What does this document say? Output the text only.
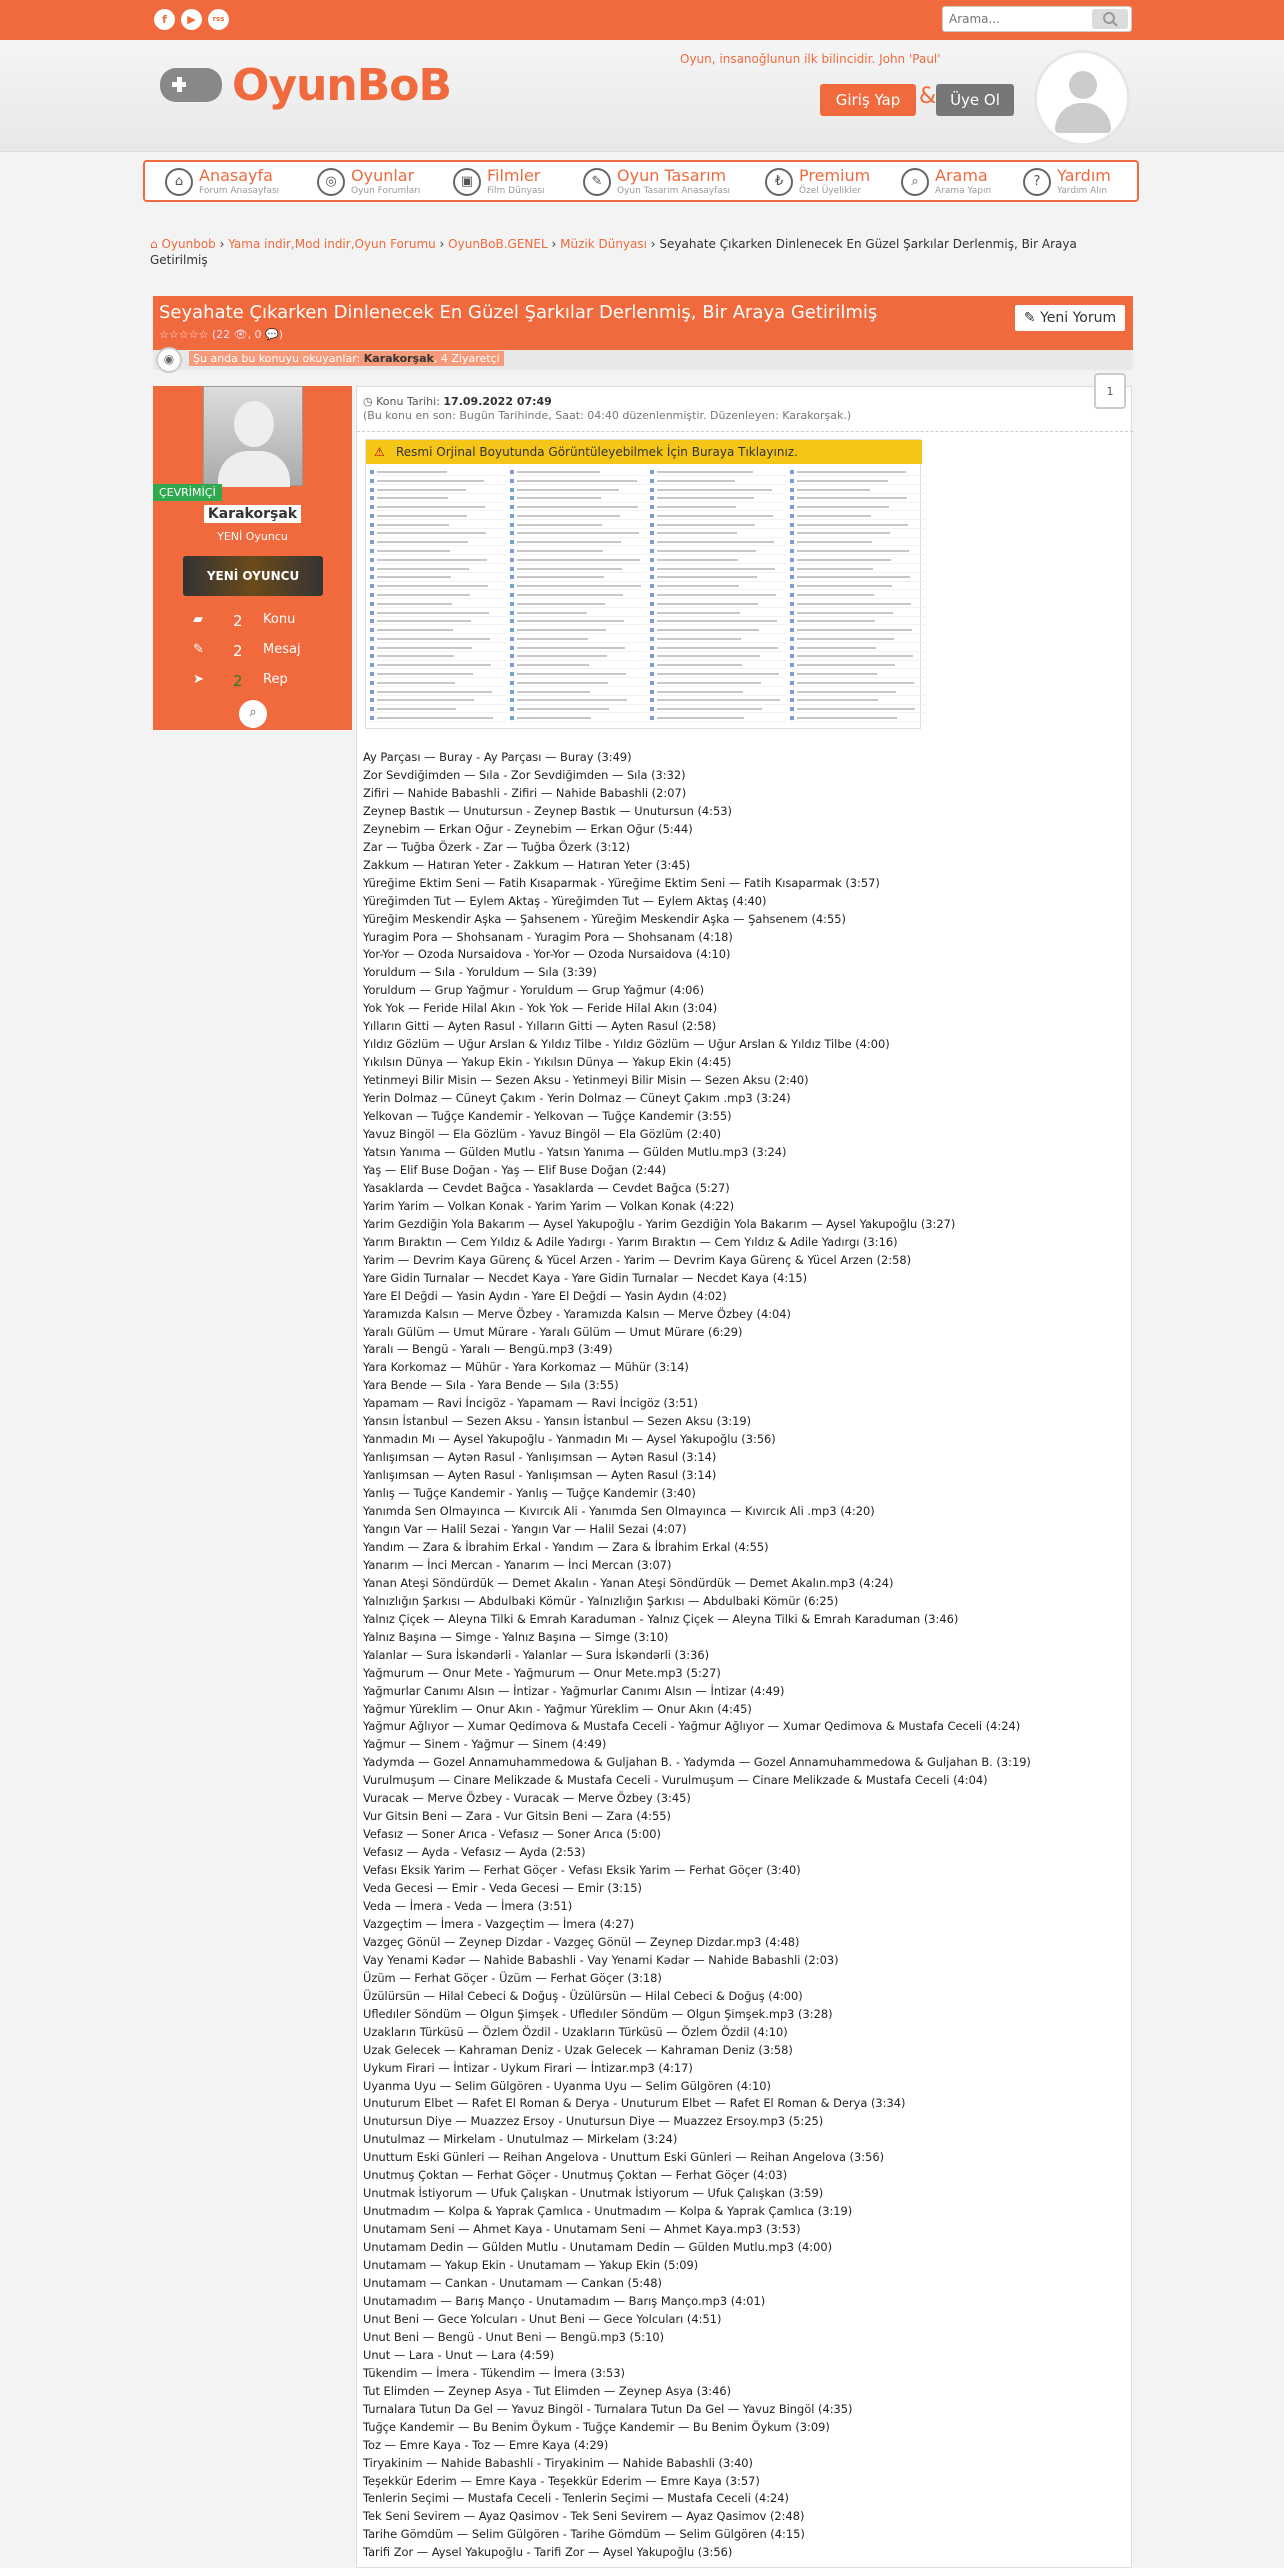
f	▶	rss
Arama...
OyunBoB
Oyun, insanoğlunun ilk bilincidir. John 'Paul'
Giriş Yap & Üye Ol
⌂ Anasayfa
Forum Anasayfası
◎ Oyunlar
Oyun Forumları
▣ Filmler
Film Dünyası
✎ Oyun Tasarım
Oyun Tasarım Anasayfası
₺ Premium
Özel Üyelikler
⌕	Arama
Arama Yapın
?	Yardım
Yardım Alın
⌂ Oyunbob › Yama indir,Mod indir,Oyun Forumu › OyunBoB.GENEL › Müzik Dünyası › Seyahate Çıkarken Dinlenecek En Güzel Şarkılar Derlenmiş, Bir Araya Getirilmiş
Seyahate Çıkarken Dinlenecek En Güzel Şarkılar Derlenmiş, Bir Araya Getirilmiş
☆☆☆☆☆ (22 👁, 0 💬)
✎ Yeni Yorum
◉	Şu anda bu konuyu okuyanlar: Karakorşak, 4 Ziyaretçi
ÇEVRİMİÇİ
Karakorşak
YENİ Oyuncu
YENİ OYUNCU
▰	2 Konu
✎	2 Mesaj
➤	2 Rep
⌕
◷ Konu Tarihi: 17.09.2022 07:49
(Bu konu en son: Bugün Tarihinde, Saat: 04:40 düzenlenmiştir. Düzenleyen: Karakorşak.)
1
⚠ Resmi Orjinal Boyutunda Görüntüleyebilmek İçin Buraya Tıklayınız.
Ay Parçası — Buray - Ay Parçası — Buray (3:49)
Zor Sevdiğimden — Sıla - Zor Sevdiğimden — Sıla (3:32)
Zifiri — Nahide Babashli - Zifiri — Nahide Babashli (2:07)
Zeynep Bastık — Unutursun - Zeynep Bastık — Unutursun (4:53)
Zeynebim — Erkan Oğur - Zeynebim — Erkan Oğur (5:44)
Zar — Tuğba Özerk - Zar — Tuğba Özerk (3:12)
Zakkum — Hatıran Yeter - Zakkum — Hatıran Yeter (3:45)
Yüreğime Ektim Seni — Fatih Kısaparmak - Yüreğime Ektim Seni — Fatih Kısaparmak (3:57)
Yüreğimden Tut — Eylem Aktaş - Yüreğimden Tut — Eylem Aktaş (4:40)
Yüreğim Meskendir Aşka — Şahsenem - Yüreğim Meskendir Aşka — Şahsenem (4:55)
Yuragim Pora — Shohsanam - Yuragim Pora — Shohsanam (4:18)
Yor-Yor — Ozoda Nursaidova - Yor-Yor — Ozoda Nursaidova (4:10)
Yoruldum — Sıla - Yoruldum — Sıla (3:39)
Yoruldum — Grup Yağmur - Yoruldum — Grup Yağmur (4:06)
Yok Yok — Feride Hilal Akın - Yok Yok — Feride Hilal Akın (3:04)
Yılların Gitti — Ayten Rasul - Yılların Gitti — Ayten Rasul (2:58)
Yıldız Gözlüm — Uğur Arslan & Yıldız Tilbe - Yıldız Gözlüm — Uğur Arslan & Yıldız Tilbe (4:00)
Yıkılsın Dünya — Yakup Ekin - Yıkılsın Dünya — Yakup Ekin (4:45)
Yetinmeyi Bilir Misin — Sezen Aksu - Yetinmeyi Bilir Misin — Sezen Aksu (2:40)
Yerin Dolmaz — Cüneyt Çakım - Yerin Dolmaz — Cüneyt Çakım .mp3 (3:24)
Yelkovan — Tuğçe Kandemir - Yelkovan — Tuğçe Kandemir (3:55)
Yavuz Bingöl — Ela Gözlüm - Yavuz Bingöl — Ela Gözlüm (2:40)
Yatsın Yanıma — Gülden Mutlu - Yatsın Yanıma — Gülden Mutlu.mp3 (3:24)
Yaş — Elif Buse Doğan - Yaş — Elif Buse Doğan (2:44)
Yasaklarda — Cevdet Bağca - Yasaklarda — Cevdet Bağca (5:27)
Yarim Yarim — Volkan Konak - Yarim Yarim — Volkan Konak (4:22)
Yarim Gezdiğin Yola Bakarım — Aysel Yakupoğlu - Yarim Gezdiğin Yola Bakarım — Aysel Yakupoğlu (3:27)
Yarım Bıraktın — Cem Yıldız & Adile Yadırgı - Yarım Bıraktın — Cem Yıldız & Adile Yadırgı (3:16)
Yarim — Devrim Kaya Gürenç & Yücel Arzen - Yarim — Devrim Kaya Gürenç & Yücel Arzen (2:58)
Yare Gidin Turnalar — Necdet Kaya - Yare Gidin Turnalar — Necdet Kaya (4:15)
Yare El Değdi — Yasin Aydın - Yare El Değdi — Yasin Aydın (4:02)
Yaramızda Kalsın — Merve Özbey - Yaramızda Kalsın — Merve Özbey (4:04)
Yaralı Gülüm — Umut Mürare - Yaralı Gülüm — Umut Mürare (6:29)
Yaralı — Bengü - Yaralı — Bengü.mp3 (3:49)
Yara Korkomaz — Mühür - Yara Korkomaz — Mühür (3:14)
Yara Bende — Sıla - Yara Bende — Sıla (3:55)
Yapamam — Ravi İncigöz - Yapamam — Ravi İncigöz (3:51)
Yansın İstanbul — Sezen Aksu - Yansın İstanbul — Sezen Aksu (3:19)
Yanmadın Mı — Aysel Yakupoğlu - Yanmadın Mı — Aysel Yakupoğlu (3:56)
Yanlışımsan — Aytən Rasul - Yanlışımsan — Aytən Rasul (3:14)
Yanlışımsan — Ayten Rasul - Yanlışımsan — Ayten Rasul (3:14)
Yanlış — Tuğçe Kandemir - Yanlış — Tuğçe Kandemir (3:40)
Yanımda Sen Olmayınca — Kıvırcık Ali - Yanımda Sen Olmayınca — Kıvırcık Ali .mp3 (4:20)
Yangın Var — Halil Sezai - Yangın Var — Halil Sezai (4:07)
Yandım — Zara & İbrahim Erkal - Yandım — Zara & İbrahim Erkal (4:55)
Yanarım — İnci Mercan - Yanarım — İnci Mercan (3:07)
Yanan Ateşi Söndürdük — Demet Akalın - Yanan Ateşi Söndürdük — Demet Akalın.mp3 (4:24)
Yalnızlığın Şarkısı — Abdulbaki Kömür - Yalnızlığın Şarkısı — Abdulbaki Kömür (6:25)
Yalnız Çiçek — Aleyna Tilki & Emrah Karaduman - Yalnız Çiçek — Aleyna Tilki & Emrah Karaduman (3:46)
Yalnız Başına — Simge - Yalnız Başına — Simge (3:10)
Yalanlar — Sura İskəndərli - Yalanlar — Sura İskəndərli (3:36)
Yağmurum — Onur Mete - Yağmurum — Onur Mete.mp3 (5:27)
Yağmurlar Canımı Alsın — İntizar - Yağmurlar Canımı Alsın — İntizar (4:49)
Yağmur Yüreklim — Onur Akın - Yağmur Yüreklim — Onur Akın (4:45)
Yağmur Ağlıyor — Xumar Qedimova & Mustafa Ceceli - Yağmur Ağlıyor — Xumar Qedimova & Mustafa Ceceli (4:24)
Yağmur — Sinem - Yağmur — Sinem (4:49)
Yadymda — Gozel Annamuhammedowa & Guljahan B. - Yadymda — Gozel Annamuhammedowa & Guljahan B. (3:19)
Vurulmuşum — Cinare Melikzade & Mustafa Ceceli - Vurulmuşum — Cinare Melikzade & Mustafa Ceceli (4:04)
Vuracak — Merve Özbey - Vuracak — Merve Özbey (3:45)
Vur Gitsin Beni — Zara - Vur Gitsin Beni — Zara (4:55)
Vefasız — Soner Arıca - Vefasız — Soner Arıca (5:00)
Vefasız — Ayda - Vefasız — Ayda (2:53)
Vefası Eksik Yarim — Ferhat Göçer - Vefası Eksik Yarim — Ferhat Göçer (3:40)
Veda Gecesi — Emir - Veda Gecesi — Emir (3:15)
Veda — İmera - Veda — İmera (3:51)
Vazgeçtim — İmera - Vazgeçtim — İmera (4:27)
Vazgeç Gönül — Zeynep Dizdar - Vazgeç Gönül — Zeynep Dizdar.mp3 (4:48)
Vay Yenami Kədər — Nahide Babashli - Vay Yenami Kədər — Nahide Babashli (2:03)
Üzüm — Ferhat Göçer - Üzüm — Ferhat Göçer (3:18)
Üzülürsün — Hilal Cebeci & Doğuş - Üzülürsün — Hilal Cebeci & Doğuş (4:00)
Ufledıler Söndüm — Olgun Şimşek - Ufledıler Söndüm — Olgun Şimşek.mp3 (3:28)
Uzakların Türküsü — Özlem Özdil - Uzakların Türküsü — Özlem Özdil (4:10)
Uzak Gelecek — Kahraman Deniz - Uzak Gelecek — Kahraman Deniz (3:58)
Uykum Firari — İntizar - Uykum Firari — İntizar.mp3 (4:17)
Uyanma Uyu — Selim Gülgören - Uyanma Uyu — Selim Gülgören (4:10)
Unuturum Elbet — Rafet El Roman & Derya - Unuturum Elbet — Rafet El Roman & Derya (3:34)
Unutursun Diye — Muazzez Ersoy - Unutursun Diye — Muazzez Ersoy.mp3 (5:25)
Unutulmaz — Mirkelam - Unutulmaz — Mirkelam (3:24)
Unuttum Eski Günleri — Reihan Angelova - Unuttum Eski Günleri — Reihan Angelova (3:56)
Unutmuş Çoktan — Ferhat Göçer - Unutmuş Çoktan — Ferhat Göçer (4:03)
Unutmak İstiyorum — Ufuk Çalışkan - Unutmak İstiyorum — Ufuk Çalışkan (3:59)
Unutmadım — Kolpa & Yaprak Çamlıca - Unutmadım — Kolpa & Yaprak Çamlıca (3:19)
Unutamam Seni — Ahmet Kaya - Unutamam Seni — Ahmet Kaya.mp3 (3:53)
Unutamam Dedin — Gülden Mutlu - Unutamam Dedin — Gülden Mutlu.mp3 (4:00)
Unutamam — Yakup Ekin - Unutamam — Yakup Ekin (5:09)
Unutamam — Cankan - Unutamam — Cankan (5:48)
Unutamadım — Barış Manço - Unutamadım — Barış Manço.mp3 (4:01)
Unut Beni — Gece Yolcuları - Unut Beni — Gece Yolcuları (4:51)
Unut Beni — Bengü - Unut Beni — Bengü.mp3 (5:10)
Unut — Lara - Unut — Lara (4:59)
Tükendim — İmera - Tükendim — İmera (3:53)
Tut Elimden — Zeynep Asya - Tut Elimden — Zeynep Asya (3:46)
Turnalara Tutun Da Gel — Yavuz Bingöl - Turnalara Tutun Da Gel — Yavuz Bingöl (4:35)
Tuğçe Kandemir — Bu Benim Öykum - Tuğçe Kandemir — Bu Benim Öykum (3:09)
Toz — Emre Kaya - Toz — Emre Kaya (4:29)
Tiryakinim — Nahide Babashli - Tiryakinim — Nahide Babashli (3:40)
Teşekkür Ederim — Emre Kaya - Teşekkür Ederim — Emre Kaya (3:57)
Tenlerin Seçimi — Mustafa Ceceli - Tenlerin Seçimi — Mustafa Ceceli (4:24)
Tek Seni Sevirem — Ayaz Qasimov - Tek Seni Sevirem — Ayaz Qasimov (2:48)
Tarihe Gömdüm — Selim Gülgören - Tarihe Gömdüm — Selim Gülgören (4:15)
Tarifi Zor — Aysel Yakupoğlu - Tarifi Zor — Aysel Yakupoğlu (3:56)
